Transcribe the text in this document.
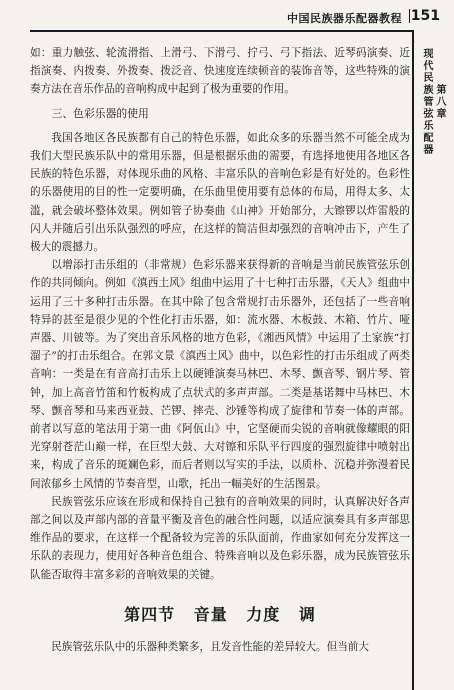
中国民族器乐配器教程 151
第八章
现代民族管弦乐配器

如：重力触弦、轮流滑指、上滑弓、下滑弓、拧弓、弓下指法、近琴码演奏、近指演奏、内拨奏、外拨奏、拨泛音、快速度连续顿音的装饰音等，这些特殊的演奏方法在音乐作品的音响构成中起到了极为重要的作用。

三、色彩乐器的使用

我国各地区各民族都有自己的特色乐器，如此众多的乐器当然不可能全成为我们大型民族乐队中的常用乐器，但是根据乐曲的需要，有选择地使用各地区各民族的特色乐器，对体现乐曲的风格、丰富乐队的音响色彩是有好处的。色彩性的乐器使用的目的性一定要明确，在乐曲里使用要有总体的布局，用得太多、太滥，就会破坏整体效果。例如管子协奏曲《山神》开始部分，大镲锣以炸雷般的闪人并随后引出乐队强烈的呼应，在这样的简洁但却强烈的音响冲击下，产生了极大的震撼力。

以增添打击乐组的（非常规）色彩乐器来获得新的音响是当前民族管弦乐创作的共同倾向。例如《滇西土风》组曲中运用了十七种打击乐器，《天人》组曲中运用了三十多种打击乐器。在其中除了包含常规打击乐器外，还包括了一些音响特异的甚至是很少见的个性化打击乐器，如：流水器、木板鼓、木箱、竹片、哑声器、川铍等。为了突出音乐风格的地方色彩，《湘西风情》中运用了土家族“打溜子”的打击乐组合。在郭文景《滇西土风》曲中，以色彩性的打击乐组成了两类音响：一类是在有音高打击乐上以硬锤演奏马林巴、木琴、颤音琴、钢片琴、管钟，加上高音竹笛和竹板构成了点状式的多声声部。二类是基诺舞中马林巴、木琴、颤音琴和马来西亚鼓、芒锣、摔壳、沙锤等构成了旋律和节奏一体的声部。前者以写意的笔法用于第一曲《阿佤山》中，它坚硬而尖锐的音响就像耀眼的阳光穿射苍茫山巅一样，在巨型大鼓、大对镲和乐队平行四度的强烈旋律中喷射出来，构成了音乐的斑斓色彩，而后者则以写实的手法，以质朴、沉稳并弥漫着民间浓郁乡土风情的节奏音型，山歌，托出一幅美好的生活图景。

民族管弦乐应该在形成和保持自己独有的音响效果的同时，认真解决好各声部之间以及声部内部的音量平衡及音色的融合性问题，以适应演奏具有多声部思维作品的要求，在这样一个配备较为完善的乐队面前，作曲家如何充分发挥这一乐队的表现力，使用好各种音色组合、特殊音响以及色彩乐器，成为民族管弦乐队能否取得丰富多彩的音响效果的关键。

第四节 音量 力度 调

民族管弦乐队中的乐器种类繁多，且发音性能的差异较大。但当前大
